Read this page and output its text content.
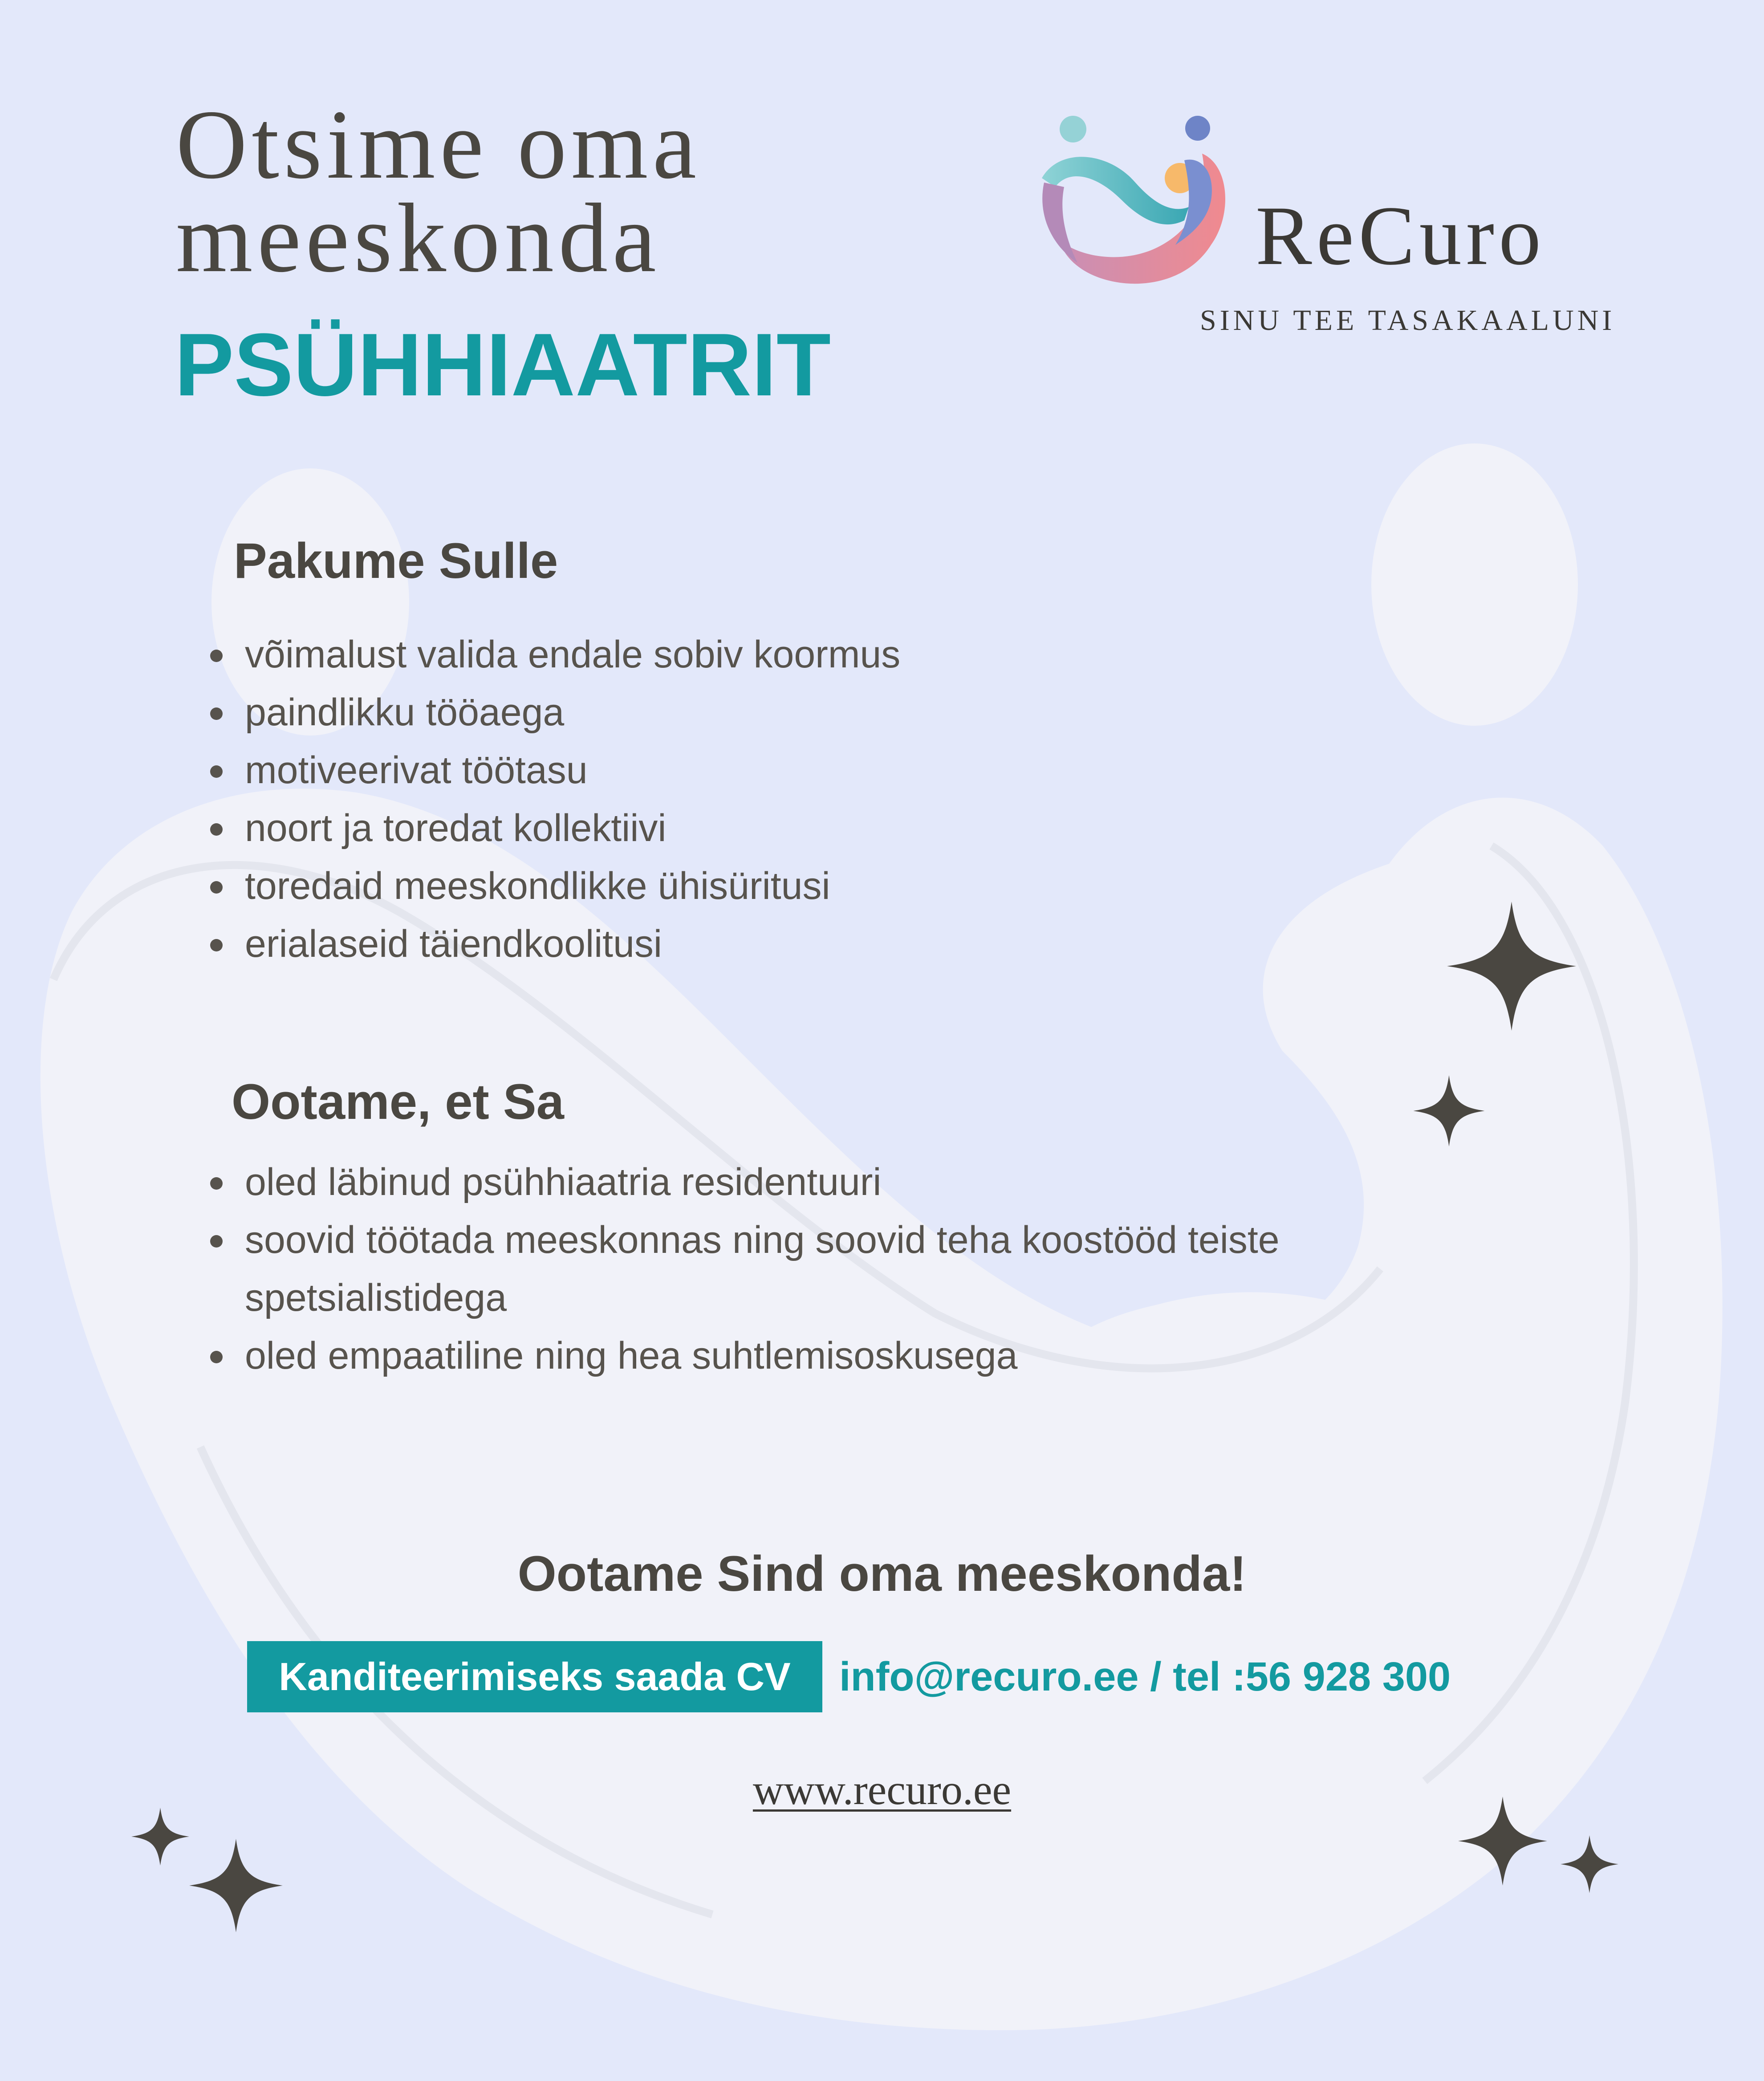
Otsime oma
meeskonda
PSÜHHIAATRIT
ReCuro
SINU TEE TASAKAALUNI
Pakume Sulle
võimalust valida endale sobiv koormus
paindlikku tööaega
motiveerivat töötasu
noort ja toredat kollektiivi
toredaid meeskondlikke ühisüritusi
erialaseid täiendkoolitusi
Ootame, et Sa
oled läbinud psühhiaatria residentuuri
soovid töötada meeskonnas ning soovid teha koostööd teiste spetsialistidega
oled empaatiline ning hea suhtlemisoskusega
Ootame Sind oma meeskonda!
Kanditeerimiseks saada CV	info@recuro.ee / tel :56 928 300
www.recuro.ee
